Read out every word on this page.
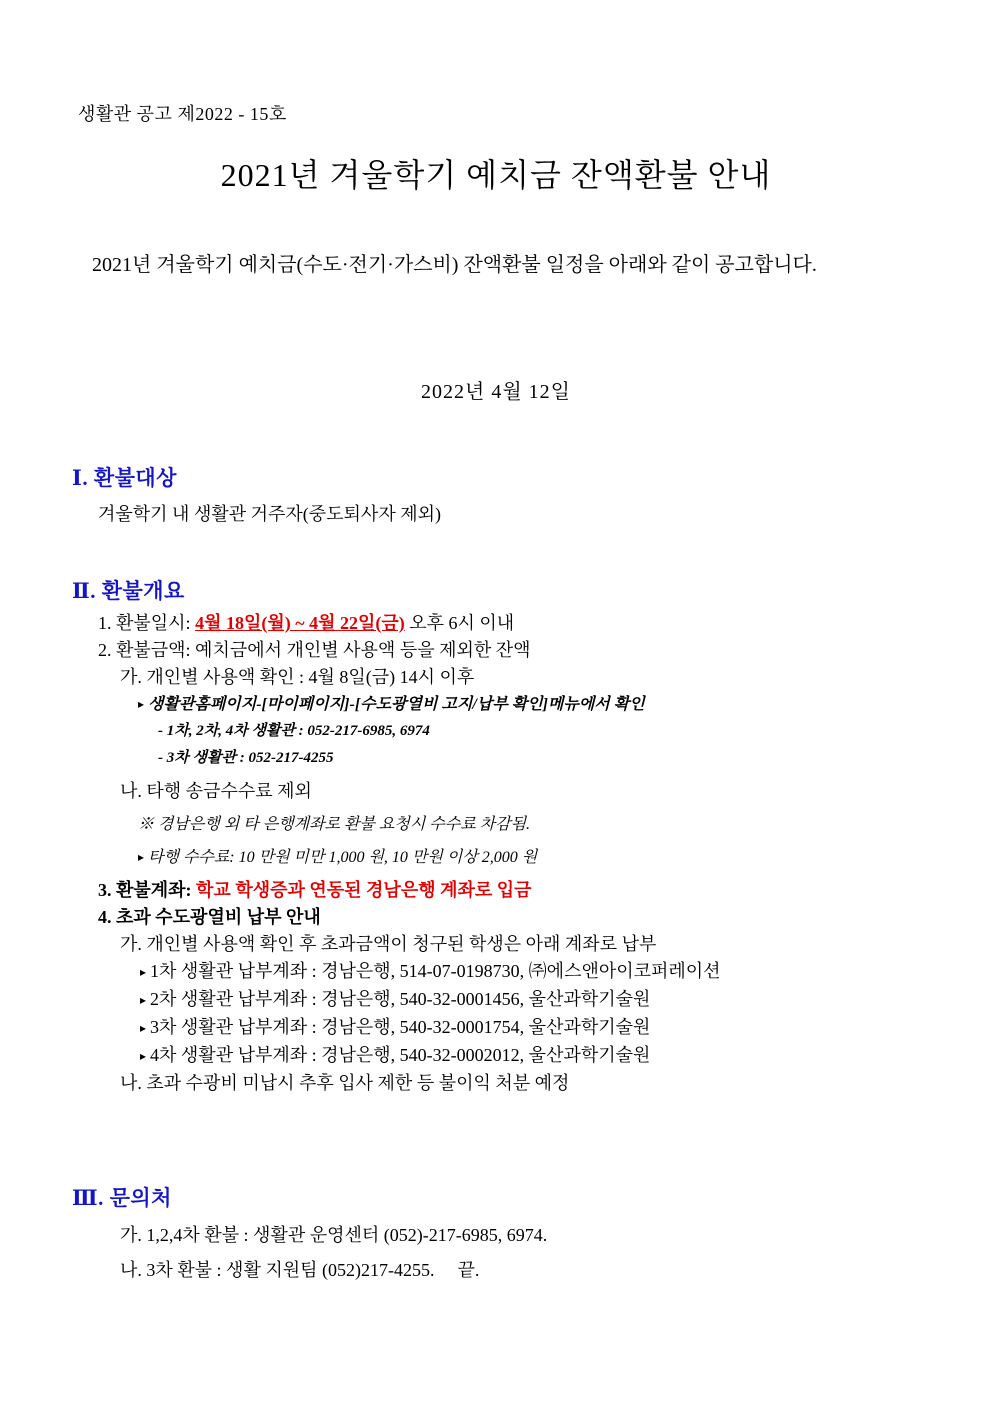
생활관 공고 제2022 - 15호
2021년 겨울학기 예치금 잔액환불 안내
2021년 겨울학기 예치금(수도·전기·가스비) 잔액환불 일정을 아래와 같이 공고합니다.
2022년 4월 12일
Ⅰ. 환불대상
겨울학기 내 생활관 거주자(중도퇴사자 제외)
Ⅱ. 환불개요
1. 환불일시: 4월 18일(월) ~ 4월 22일(금) 오후 6시 이내
2. 환불금액: 예치금에서 개인별 사용액 등을 제외한 잔액
가. 개인별 사용액 확인 : 4월 8일(금) 14시 이후
▸ 생활관홈페이지-[마이페이지]-[수도광열비 고지/납부 확인]메뉴에서 확인
- 1차, 2차, 4차 생활관 : 052-217-6985, 6974
- 3차 생활관 : 052-217-4255
나. 타행 송금수수료 제외
※ 경남은행 외 타 은행계좌로 환불 요청시 수수료 차감됨.
▸ 타행 수수료: 10 만원 미만 1,000 원, 10 만원 이상 2,000 원
3. 환불계좌: 학교 학생증과 연동된 경남은행 계좌로 입금
4. 초과 수도광열비 납부 안내
가. 개인별 사용액 확인 후 초과금액이 청구된 학생은 아래 계좌로 납부
▸ 1차 생활관 납부계좌 : 경남은행, 514-07-0198730, ㈜에스앤아이코퍼레이션
▸ 2차 생활관 납부계좌 : 경남은행, 540-32-0001456, 울산과학기술원
▸ 3차 생활관 납부계좌 : 경남은행, 540-32-0001754, 울산과학기술원
▸ 4차 생활관 납부계좌 : 경남은행, 540-32-0002012, 울산과학기술원
나. 초과 수광비 미납시 추후 입사 제한 등 불이익 처분 예정
Ⅲ. 문의처
가. 1,2,4차 환불 : 생활관 운영센터 (052)-217-6985, 6974.
나. 3차 환불 : 생활 지원팀 (052)217-4255. 끝.
